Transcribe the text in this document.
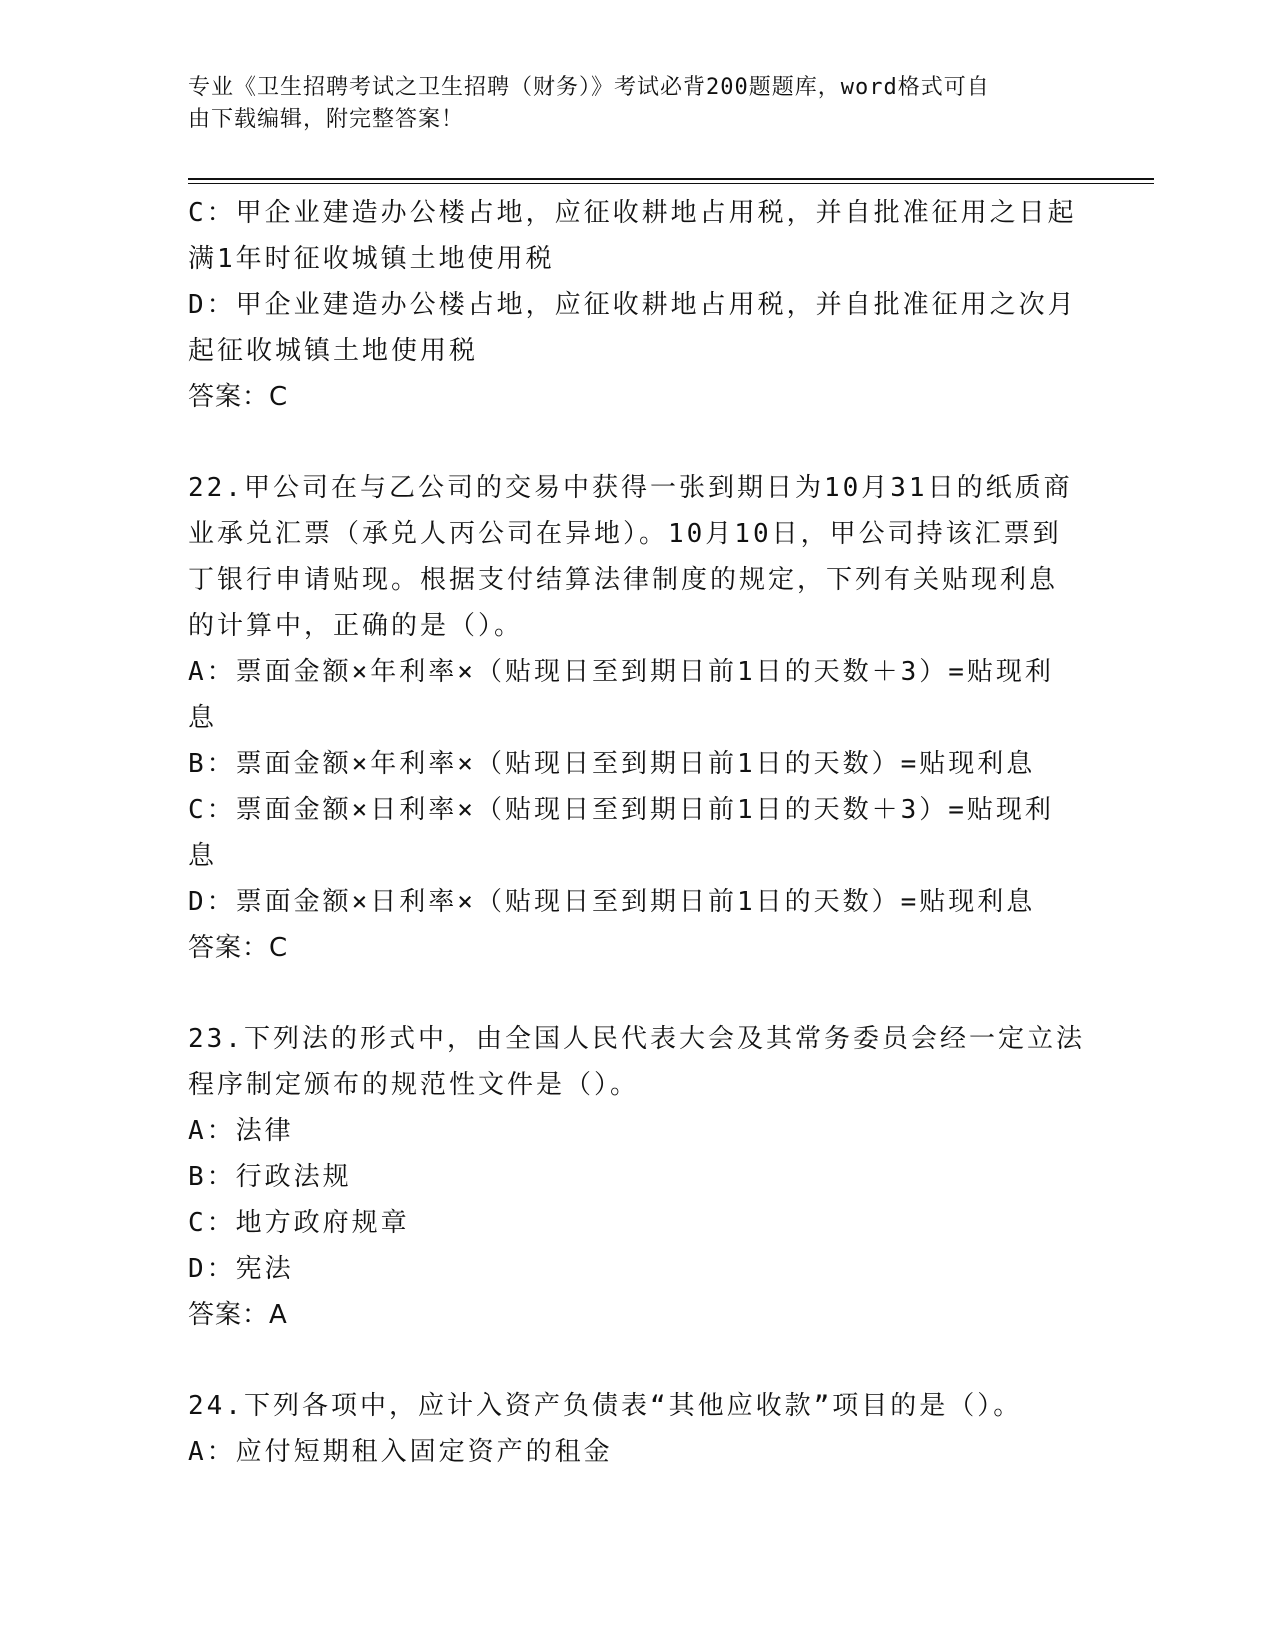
专业《卫生招聘考试之卫生招聘（财务）》考试必背200题题库，word格式可自
由下载编辑，附完整答案！
C：甲企业建造办公楼占地，应征收耕地占用税，并自批准征用之日起
满1年时征收城镇土地使用税
D：甲企业建造办公楼占地，应征收耕地占用税，并自批准征用之次月
起征收城镇土地使用税
答案：C
22.甲公司在与乙公司的交易中获得一张到期日为10月31日的纸质商
业承兑汇票（承兑人丙公司在异地）。10月10日，甲公司持该汇票到
丁银行申请贴现。根据支付结算法律制度的规定，下列有关贴现利息
的计算中，正确的是（）。
A：票面金额×年利率×（贴现日至到期日前1日的天数＋3）=贴现利
息
B：票面金额×年利率×（贴现日至到期日前1日的天数）=贴现利息
C：票面金额×日利率×（贴现日至到期日前1日的天数＋3）=贴现利
息
D：票面金额×日利率×（贴现日至到期日前1日的天数）=贴现利息
答案：C
23.下列法的形式中，由全国人民代表大会及其常务委员会经一定立法
程序制定颁布的规范性文件是（）。
A：法律
B：行政法规
C：地方政府规章
D：宪法
答案：A
24.下列各项中，应计入资产负债表“其他应收款”项目的是（）。
A：应付短期租入固定资产的租金
